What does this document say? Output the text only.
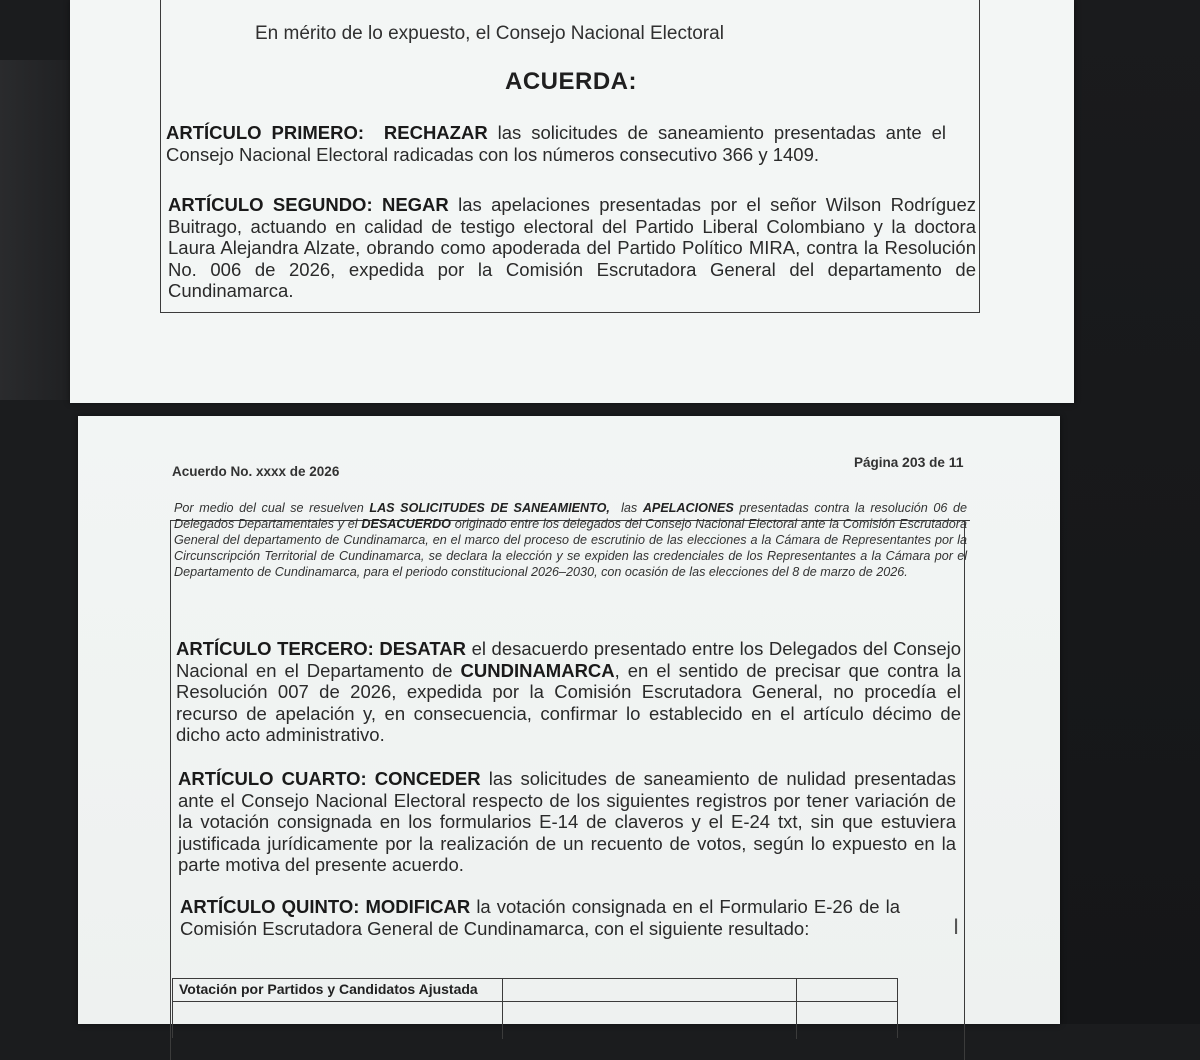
En mérito de lo expuesto, el Consejo Nacional Electoral
ACUERDA:
ARTÍCULO PRIMERO: RECHAZAR las solicitudes de saneamiento presentadas ante el Consejo Nacional Electoral radicadas con los números consecutivo 366 y 1409.
ARTÍCULO SEGUNDO: NEGAR las apelaciones presentadas por el señor Wilson Rodríguez Buitrago, actuando en calidad de testigo electoral del Partido Liberal Colombiano y la doctora Laura Alejandra Alzate, obrando como apoderada del Partido Político MIRA, contra la Resolución No. 006 de 2026, expedida por la Comisión Escrutadora General del departamento de Cundinamarca.
Acuerdo No. xxxx de 2026
Página 203 de 11
Por medio del cual se resuelven LAS SOLICITUDES DE SANEAMIENTO, las APELACIONES presentadas contra la resolución 06 de Delegados Departamentales y el DESACUERDO originado entre los delegados del Consejo Nacional Electoral ante la Comisión Escrutadora General del departamento de Cundinamarca, en el marco del proceso de escrutinio de las elecciones a la Cámara de Representantes por la Circunscripción Territorial de Cundinamarca, se declara la elección y se expiden las credenciales de los Representantes a la Cámara por el Departamento de Cundinamarca, para el periodo constitucional 2026–2030, con ocasión de las elecciones del 8 de marzo de 2026.
ARTÍCULO TERCERO: DESATAR el desacuerdo presentado entre los Delegados del Consejo Nacional en el Departamento de CUNDINAMARCA, en el sentido de precisar que contra la Resolución 007 de 2026, expedida por la Comisión Escrutadora General, no procedía el recurso de apelación y, en consecuencia, confirmar lo establecido en el artículo décimo de dicho acto administrativo.
ARTÍCULO CUARTO: CONCEDER las solicitudes de saneamiento de nulidad presentadas ante el Consejo Nacional Electoral respecto de los siguientes registros por tener variación de la votación consignada en los formularios E-14 de claveros y el E-24 txt, sin que estuviera justificada jurídicamente por la realización de un recuento de votos, según lo expuesto en la parte motiva del presente acuerdo.
ARTÍCULO QUINTO: MODIFICAR la votación consignada en el Formulario E-26 de la Comisión Escrutadora General de Cundinamarca, con el siguiente resultado:	I
Votación por Partidos y Candidatos Ajustada
